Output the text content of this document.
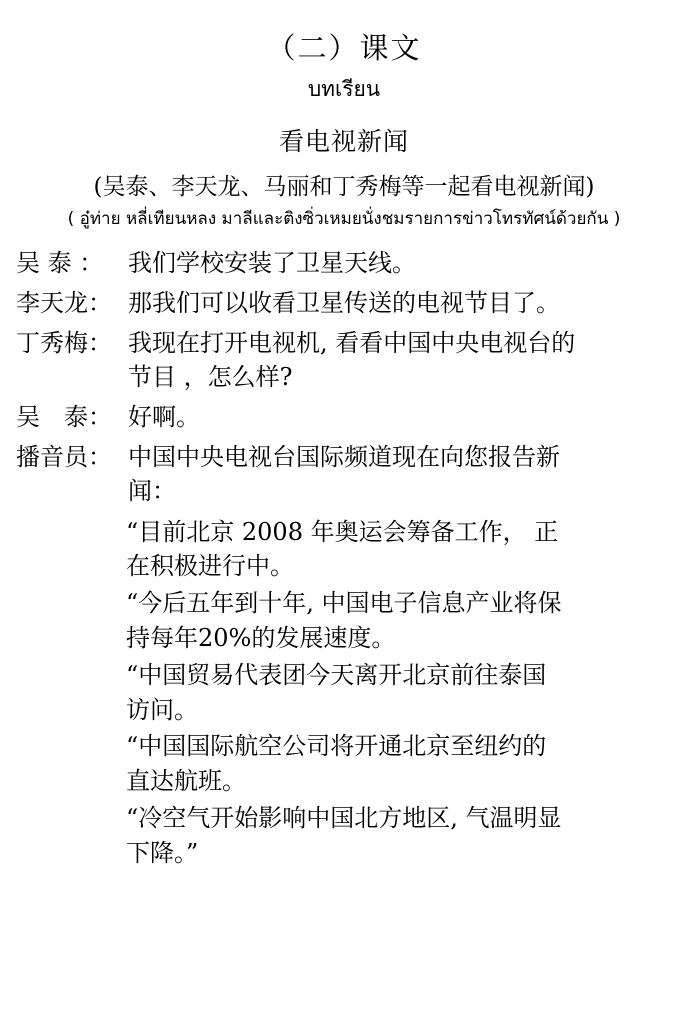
（二）课文
บทเรียน
看电视新闻
(吴泰、李天龙、马丽和丁秀梅等一起看电视新闻)
( อู๋ท่าย หลี่เทียนหลง มาลีและติงซิ่วเหมยนั่งชมรายการข่าวโทรทัศน์ด้วยกัน )
吴 泰 ：	我们学校安装了卫星天线。
李天龙： 那我们可以收看卫星传送的电视节目了。
丁秀梅： 我现在打开电视机, 看看中国中央电视台的
节目 ，怎么样?
吴　泰： 好啊。
播音员： 中国中央电视台国际频道现在向您报告新
闻：
“目前北京 2008 年奥运会筹备工作， 正
在积极进行中。
“今后五年到十年, 中国电子信息产业将保
持每年20%的发展速度。
“中国贸易代表团今天离开北京前往泰国
访问。
“中国国际航空公司将开通北京至纽约的
直达航班。
“冷空气开始影响中国北方地区, 气温明显
下降。”
